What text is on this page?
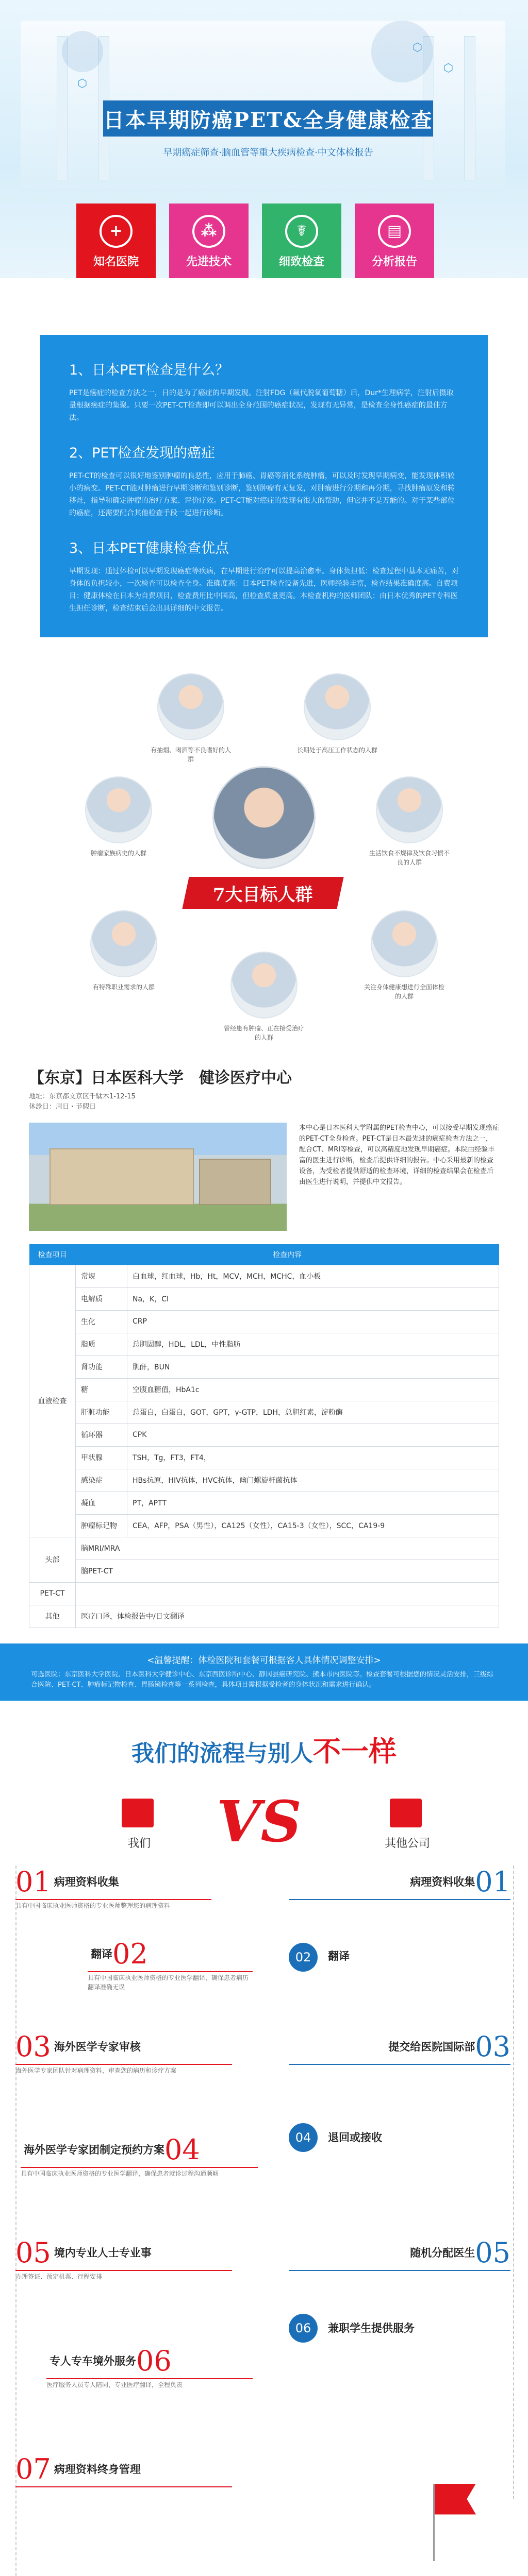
⬡
⬡
⬡
日本早期防癌PET&全身健康检查
早期癌症筛查·脑血管等重大疾病检查·中文体检报告
+
知名医院
⁂
先进技术
☤
细致检查
▤
分析报告
1、日本PET检查是什么？

PET是癌症的检查方法之一，日的是为了癌症的早期发现。注射FDG（氟代脱氧葡萄糖）后，Dur*生理病学，注射后摄取量根据癌症的集聚。只要一次PET-CT检查即可以调出全身范围的癌症状况，发现有无异常，是检查全身性癌症的最佳方法。

2、PET检查发现的癌症

PET-CT的检查可以很好地鉴别肿瘤的良恶性，应用于肺癌、胃癌等消化系统肿瘤，可以及时发现早期病变，能发现体积较小的病变。PET-CT能对肿瘤进行早期诊断和鉴别诊断，鉴别肿瘤有无复发，对肿瘤进行分期和再分期，寻找肿瘤原发和转移灶，指导和确定肿瘤的治疗方案、评价疗效。PET-CT能对癌症的发现有很大的帮助，但它并不是万能的。对于某些部位的癌症，还需要配合其他检查手段一起进行诊断。

3、日本PET健康检查优点

早期发现：通过体检可以早期发现癌症等疾病，在早期进行治疗可以提高治愈率。身体负担低：检查过程中基本无痛苦，对身体的负担较小，一次检查可以检查全身。准确度高：日本PET检查设备先进，医师经验丰富，检查结果准确度高。自费项目：健康体检在日本为自费项目，检查费用比中国高，但检查质量更高。本检查机构的医师团队：由日本优秀的PET专科医生担任诊断，检查结束后会出具详细的中文报告。

有抽烟、喝酒等不良嗜好的人群

长期处于高压工作状态的人群

肿瘤家族病史的人群	生活饮食不规律及饮食习惯不良的人群

有特殊职业需求的人群	关注身体健康想进行全面体检的人群

曾经患有肿瘤、正在接受治疗的人群

7大目标人群
【东京】日本医科大学　健诊医疗中心
地址：东京都文京区千駄木1-12-15
休診日：周日・节假日
本中心是日本医科大学附属的PET检查中心，可以接受早期发现癌症的PET-CT全身检查。PET-CT是日本最先进的癌症检查方法之一，配合CT、MRI等检查，可以高精度地发现早期癌症。本院由经验丰富的医生进行诊断，检查后提供详细的报告。中心采用最新的检查设备，为受检者提供舒适的检查环境，详细的检查结果会在检查后由医生进行说明，并提供中文报告。
检查项目	检查内容	
血液检查	常规	白血球，红血球，Hb，Ht，MCV，MCH，MCHC，血小板
	电解质	Na，K，Cl
	生化	CRP
	脂质	总胆固醇，HDL，LDL，中性脂肪
	肾功能	肌酐，BUN
	糖	空腹血糖值，HbA1c
	肝脏功能	总蛋白，白蛋白，GOT，GPT，γ-GTP，LDH，总胆红素，淀粉酶
	循环器	CPK
	甲状腺	TSH，Tg，FT3，FT4，
	感染症	HBs抗原，HIV抗体，HVC抗体，幽门螺旋杆菌抗体
	凝血	PT，APTT
	肿瘤标记物	CEA，AFP，PSA（男性），CA125（女性），CA15-3（女性），SCC，CA19-9
头部	脑MRI/MRA	
	脑PET-CT	
PET-CT		
其他	医疗口译，体检报告中/日文翻译	
<温馨提醒：体检医院和套餐可根据客人具体情况调整安排>

可选医院：东京医科大学医院、日本医科大学健诊中心、东京西医诊所中心、静冈县癌研究院、熊本市内医院等。检查套餐可根据您的情况灵活安排，三级综合医院、PET-CT、肿瘤标记物检查、胃肠镜检查等一系列检查，具体项目需根据受检者的身体状况和需求进行确认。

我们的流程与别人不一样
VS
我们	其他公司
01 病理资料收集
具有中国临床执业医师资格的专业医师整理您的病理资料
翻译02
具有中国临床执业医师资格的专业医学翻译，确保患者病历翻译准确无误
03 海外医学专家审核
海外医学专家团队针对病理资料，审查您的病历和诊疗方案
海外医学专家团制定预约方案04
具有中国临床执业医师资格的专业医学翻译，确保患者就诊过程沟通顺畅
05 境内专业人士专业事
办理签证、预定机票、行程安排
专人专车境外服务06
医疗服务人员专人陪同，专业医疗翻译，全程负责
07 病理资料终身管理
病理资料收集01
02 翻译
提交给医院国际部03
04 退回或接收
随机分配医生05
06 兼职学生提供服务
